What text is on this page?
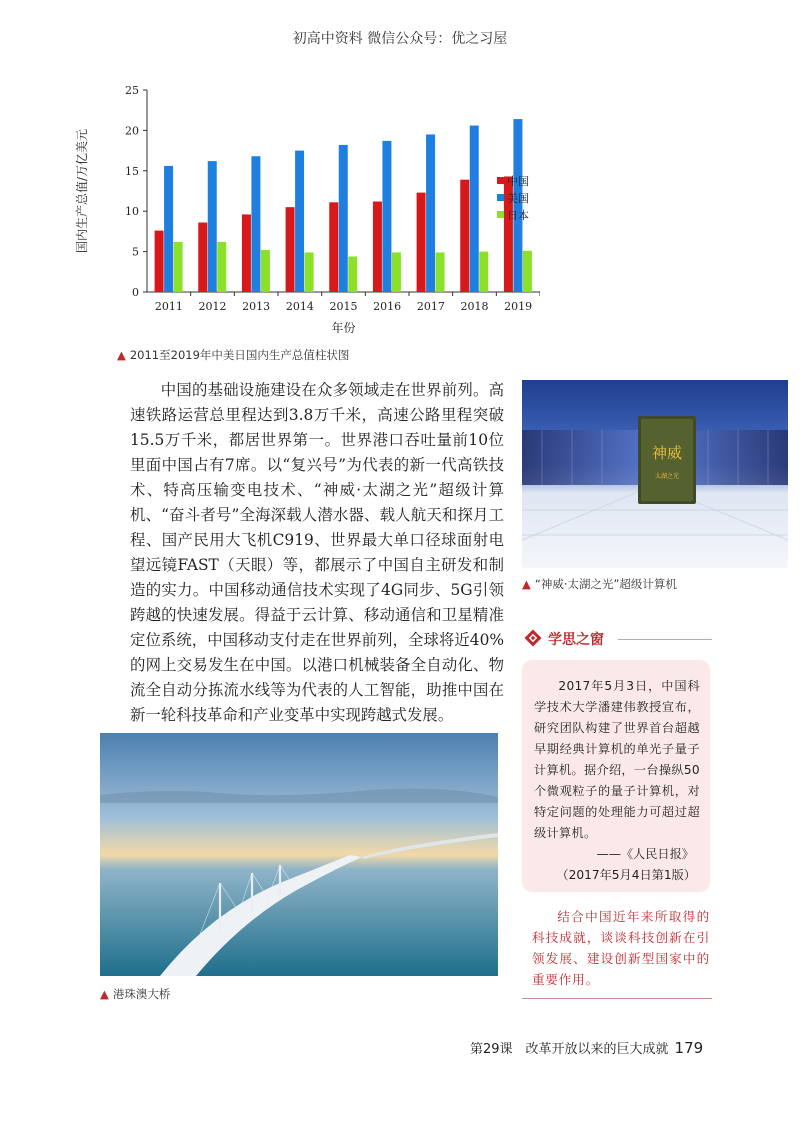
初高中资料 微信公众号：优之习屋
0
5
10
15
20
25
国内生产总值/万亿美元
2011 2012 2013 2014 2015 2016 2017 2018 2019
年份
中国
美国
日本
▲ 2011至2019年中美日国内生产总值柱状图
中国的基础设施建设在众多领域走在世界前列。高速铁路运营总里程达到3.8万千米，高速公路里程突破15.5万千米，都居世界第一。世界港口吞吐量前10位里面中国占有7席。以“复兴号”为代表的新一代高铁技术、特高压输变电技术、“神威·太湖之光”超级计算机、“奋斗者号”全海深载人潜水器、载人航天和探月工程、国产民用大飞机C919、世界最大单口径球面射电望远镜FAST（天眼）等，都展示了中国自主研发和制造的实力。中国移动通信技术实现了4G同步、5G引领跨越的快速发展。得益于云计算、移动通信和卫星精准定位系统，中国移动支付走在世界前列，全球将近40%的网上交易发生在中国。以港口机械装备全自动化、物流全自动分拣流水线等为代表的人工智能，助推中国在新一轮科技革命和产业变革中实现跨越式发展。
神威
太湖之光
▲ “神威·太湖之光”超级计算机
▲ 港珠澳大桥
学思之窗
2017年5月3日，中国科学技术大学潘建伟教授宣布，研究团队构建了世界首台超越早期经典计算机的单光子量子计算机。据介绍，一台操纵50个微观粒子的量子计算机，对特定问题的处理能力可超过超级计算机。
——《人民日报》
（2017年5月4日第1版）
结合中国近年来所取得的科技成就，谈谈科技创新在引领发展、建设创新型国家中的重要作用。
第29课　改革开放以来的巨大成就 179
